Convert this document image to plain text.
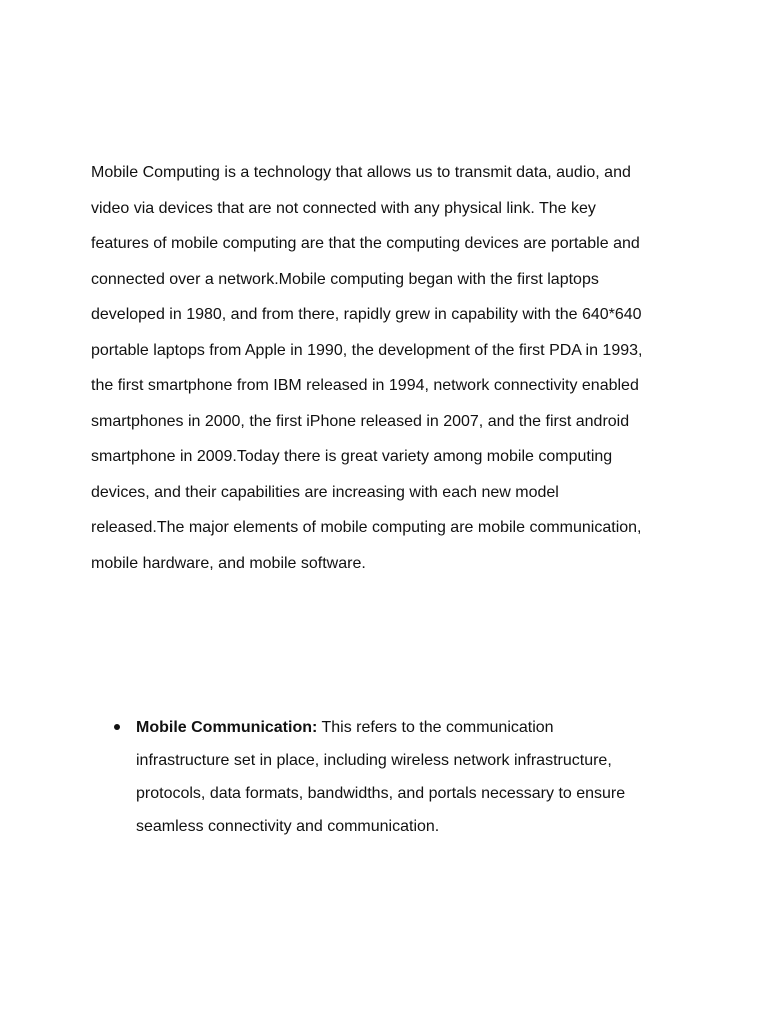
Mobile Computing is a technology that allows us to transmit data, audio, and
video via devices that are not connected with any physical link. The key
features of mobile computing are that the computing devices are portable and
connected over a network.Mobile computing began with the first laptops
developed in 1980, and from there, rapidly grew in capability with the 640*640
portable laptops from Apple in 1990, the development of the first PDA in 1993,
the first smartphone from IBM released in 1994, network connectivity enabled
smartphones in 2000, the first iPhone released in 2007, and the first android
smartphone in 2009.Today there is great variety among mobile computing
devices, and their capabilities are increasing with each new model
released.The major elements of mobile computing are mobile communication,
mobile hardware, and mobile software.

Mobile Communication: This refers to the communication
infrastructure set in place, including wireless network infrastructure,
protocols, data formats, bandwidths, and portals necessary to ensure
seamless connectivity and communication.
